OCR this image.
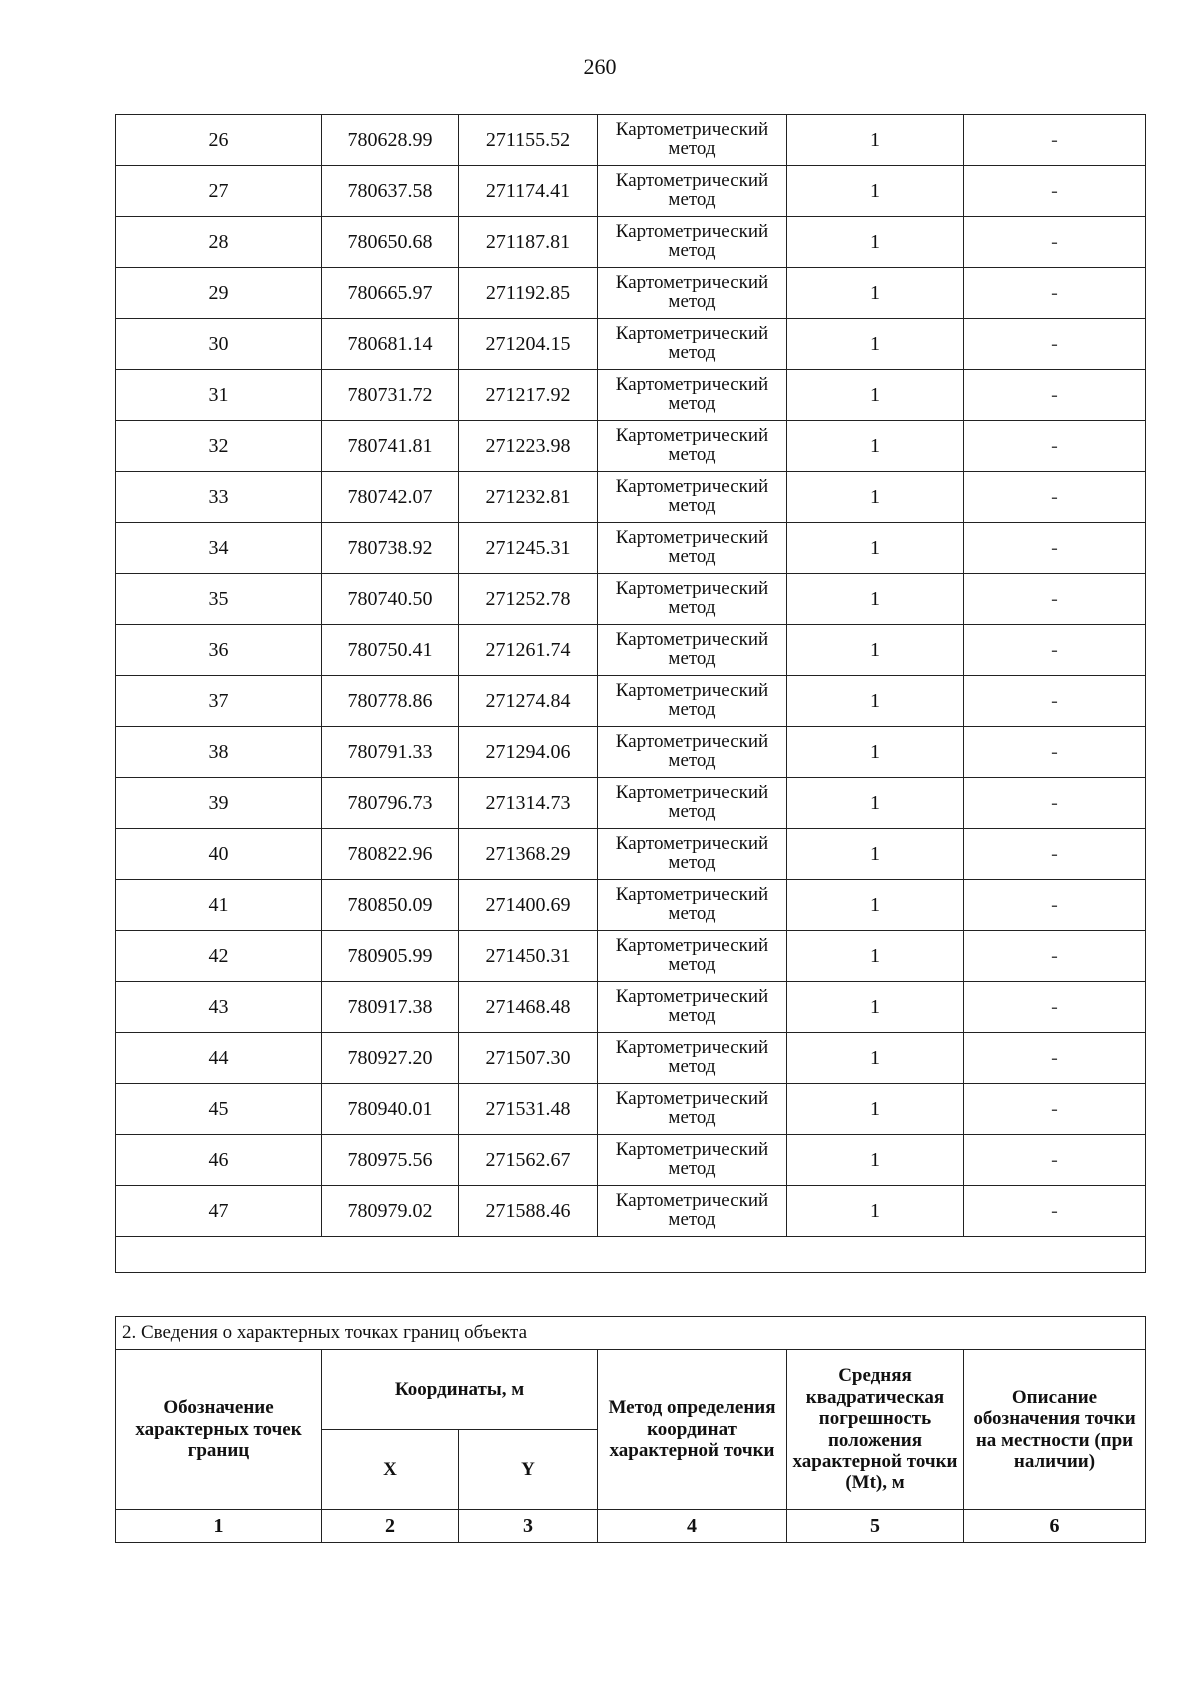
260
26	780628.99	271155.52	Картометрический метод	1	-
27	780637.58	271174.41	Картометрический метод	1	-
28	780650.68	271187.81	Картометрический метод	1	-
29	780665.97	271192.85	Картометрический метод	1	-
30	780681.14	271204.15	Картометрический метод	1	-
31	780731.72	271217.92	Картометрический метод	1	-
32	780741.81	271223.98	Картометрический метод	1	-
33	780742.07	271232.81	Картометрический метод	1	-
34	780738.92	271245.31	Картометрический метод	1	-
35	780740.50	271252.78	Картометрический метод	1	-
36	780750.41	271261.74	Картометрический метод	1	-
37	780778.86	271274.84	Картометрический метод	1	-
38	780791.33	271294.06	Картометрический метод	1	-
39	780796.73	271314.73	Картометрический метод	1	-
40	780822.96	271368.29	Картометрический метод	1	-
41	780850.09	271400.69	Картометрический метод	1	-
42	780905.99	271450.31	Картометрический метод	1	-
43	780917.38	271468.48	Картометрический метод	1	-
44	780927.20	271507.30	Картометрический метод	1	-
45	780940.01	271531.48	Картометрический метод	1	-
46	780975.56	271562.67	Картометрический метод	1	-
47	780979.02	271588.46	Картометрический метод	1	-

2. Сведения о характерных точках границ объекта					
Обозначение характерных точек границ	Координаты, м		Метод определения координат характерной точки	Средняя квадратическая погрешность положения характерной точки (Mt), м	Описание обозначения точки на местности (при наличии)
	X	Y			
1	2	3	4	5	6
